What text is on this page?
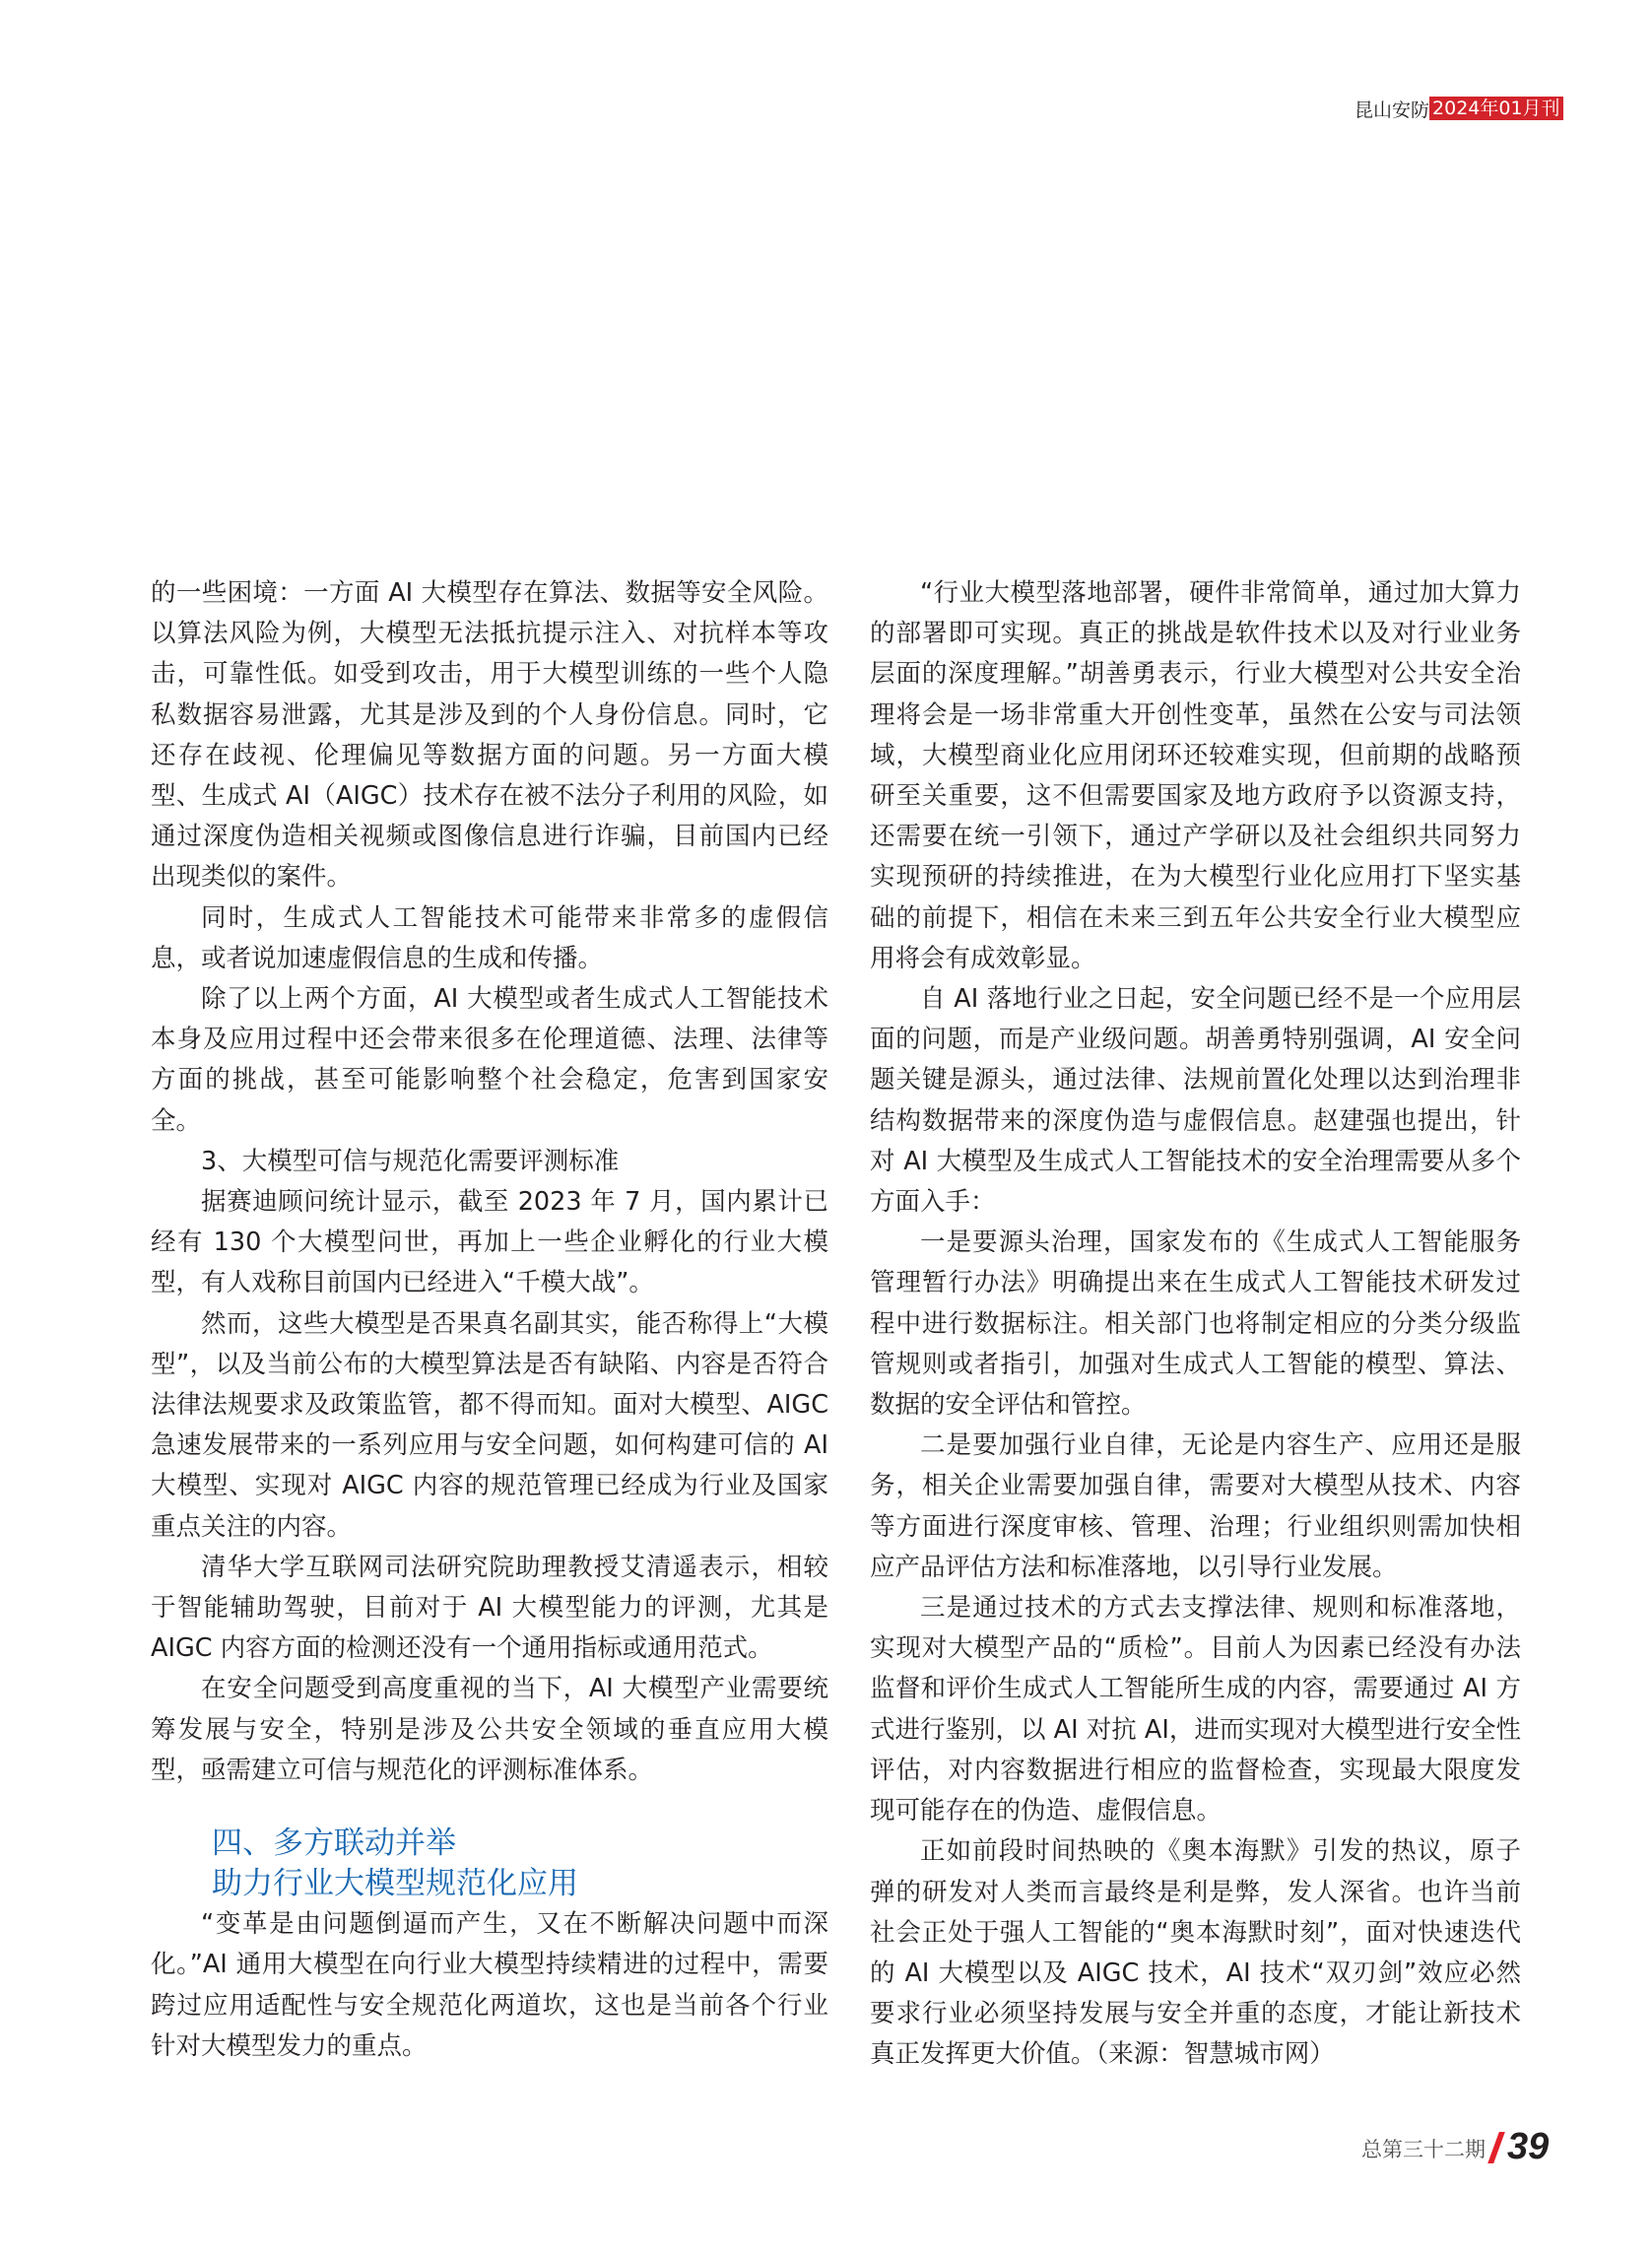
昆山安防 2024年01月刊

的一些困境：一方面 AI 大模型存在算法、数据等安全风险。以算法风险为例，大模型无法抵抗提示注入、对抗样本等攻击，可靠性低。如受到攻击，用于大模型训练的一些个人隐私数据容易泄露，尤其是涉及到的个人身份信息。同时，它还存在歧视、伦理偏见等数据方面的问题。另一方面大模型、生成式 AI（AIGC）技术存在被不法分子利用的风险，如通过深度伪造相关视频或图像信息进行诈骗，目前国内已经出现类似的案件。

同时，生成式人工智能技术可能带来非常多的虚假信息，或者说加速虚假信息的生成和传播。

除了以上两个方面，AI 大模型或者生成式人工智能技术本身及应用过程中还会带来很多在伦理道德、法理、法律等方面的挑战，甚至可能影响整个社会稳定，危害到国家安全。

3、大模型可信与规范化需要评测标准

据赛迪顾问统计显示，截至 2023 年 7 月，国内累计已经有 130 个大模型问世，再加上一些企业孵化的行业大模型，有人戏称目前国内已经进入“千模大战”。

然而，这些大模型是否果真名副其实，能否称得上“大模型”，以及当前公布的大模型算法是否有缺陷、内容是否符合法律法规要求及政策监管，都不得而知。面对大模型、AIGC 急速发展带来的一系列应用与安全问题，如何构建可信的 AI 大模型、实现对 AIGC 内容的规范管理已经成为行业及国家重点关注的内容。

清华大学互联网司法研究院助理教授艾清遥表示，相较于智能辅助驾驶，目前对于 AI 大模型能力的评测，尤其是 AIGC 内容方面的检测还没有一个通用指标或通用范式。

在安全问题受到高度重视的当下，AI 大模型产业需要统筹发展与安全，特别是涉及公共安全领域的垂直应用大模型，亟需建立可信与规范化的评测标准体系。

四、多方联动并举
助力行业大模型规范化应用

“变革是由问题倒逼而产生，又在不断解决问题中而深化。”AI 通用大模型在向行业大模型持续精进的过程中，需要跨过应用适配性与安全规范化两道坎，这也是当前各个行业针对大模型发力的重点。

“行业大模型落地部署，硬件非常简单，通过加大算力的部署即可实现。真正的挑战是软件技术以及对行业业务层面的深度理解。”胡善勇表示，行业大模型对公共安全治理将会是一场非常重大开创性变革，虽然在公安与司法领域，大模型商业化应用闭环还较难实现，但前期的战略预研至关重要，这不但需要国家及地方政府予以资源支持，还需要在统一引领下，通过产学研以及社会组织共同努力实现预研的持续推进，在为大模型行业化应用打下坚实基础的前提下，相信在未来三到五年公共安全行业大模型应用将会有成效彰显。

自 AI 落地行业之日起，安全问题已经不是一个应用层面的问题，而是产业级问题。胡善勇特别强调，AI 安全问题关键是源头，通过法律、法规前置化处理以达到治理非结构数据带来的深度伪造与虚假信息。赵建强也提出，针对 AI 大模型及生成式人工智能技术的安全治理需要从多个方面入手：

一是要源头治理，国家发布的《生成式人工智能服务管理暂行办法》明确提出来在生成式人工智能技术研发过程中进行数据标注。相关部门也将制定相应的分类分级监管规则或者指引，加强对生成式人工智能的模型、算法、数据的安全评估和管控。

二是要加强行业自律，无论是内容生产、应用还是服务，相关企业需要加强自律，需要对大模型从技术、内容等方面进行深度审核、管理、治理；行业组织则需加快相应产品评估方法和标准落地，以引导行业发展。

三是通过技术的方式去支撑法律、规则和标准落地，实现对大模型产品的“质检”。目前人为因素已经没有办法监督和评价生成式人工智能所生成的内容，需要通过 AI 方式进行鉴别，以 AI 对抗 AI，进而实现对大模型进行安全性评估，对内容数据进行相应的监督检查，实现最大限度发现可能存在的伪造、虚假信息。

正如前段时间热映的《奥本海默》引发的热议，原子弹的研发对人类而言最终是利是弊，发人深省。也许当前社会正处于强人工智能的“奥本海默时刻”，面对快速迭代的 AI 大模型以及 AIGC 技术，AI 技术“双刃剑”效应必然要求行业必须坚持发展与安全并重的态度，才能让新技术真正发挥更大价值。（来源：智慧城市网）

总第三十二期 39
